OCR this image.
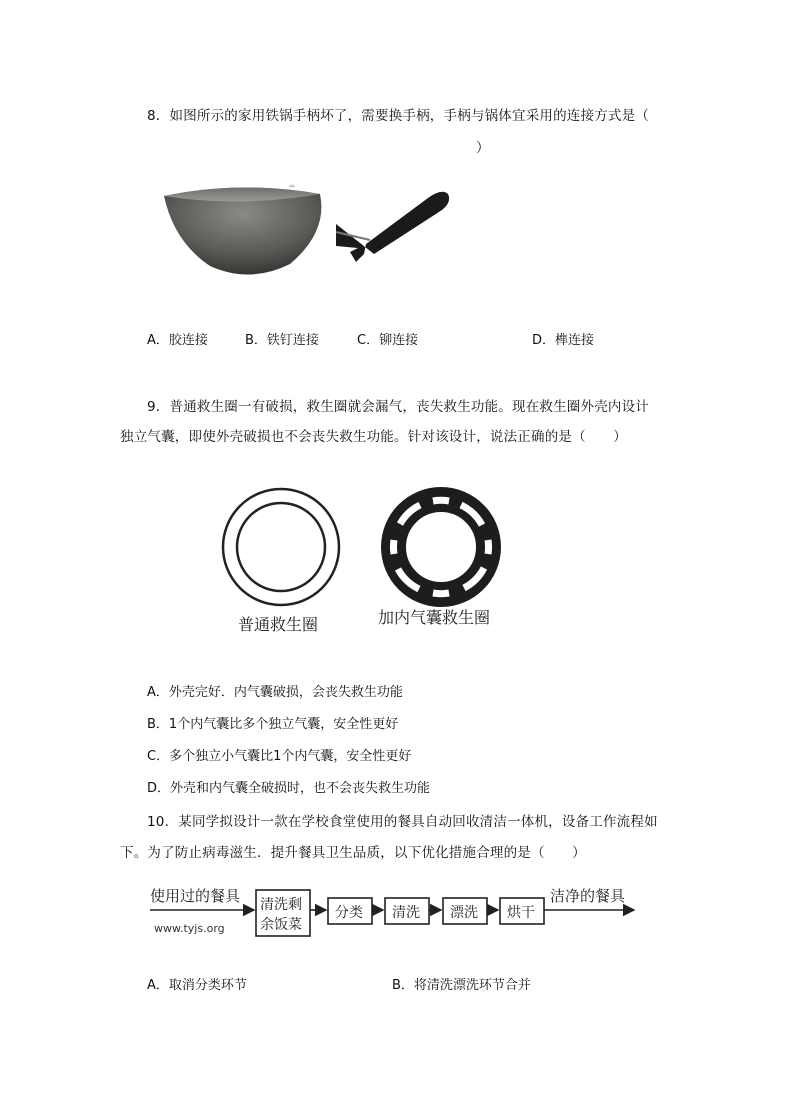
8．如图所示的家用铁锅手柄坏了，需要换手柄，手柄与锅体宜采用的连接方式是（
）
A．胶连接	B．铁钉连接	C．铆连接	D．榫连接
9．普通救生圈一有破损，救生圈就会漏气，丧失救生功能。现在救生圈外壳内设计
独立气囊，即使外壳破损也不会丧失救生功能。针对该设计，说法正确的是（　　）
普通救生圈	加内气囊救生圈
A．外壳完好．内气囊破损，会丧失救生功能
B．1个内气囊比多个独立气囊，安全性更好
C．多个独立小气囊比1个内气囊，安全性更好
D．外壳和内气囊全破损时，也不会丧失救生功能
10．某同学拟设计一款在学校食堂使用的餐具自动回收清洁一体机，设备工作流程如
下。为了防止病毒滋生．提升餐具卫生品质，以下优化措施合理的是（　　）
使用过的餐具
www.tyjs.org
清洗剩
余饭菜
分类 清洗 漂洗 烘干
洁净的餐具
A．取消分类环节	B．将清洗漂洗环节合并
